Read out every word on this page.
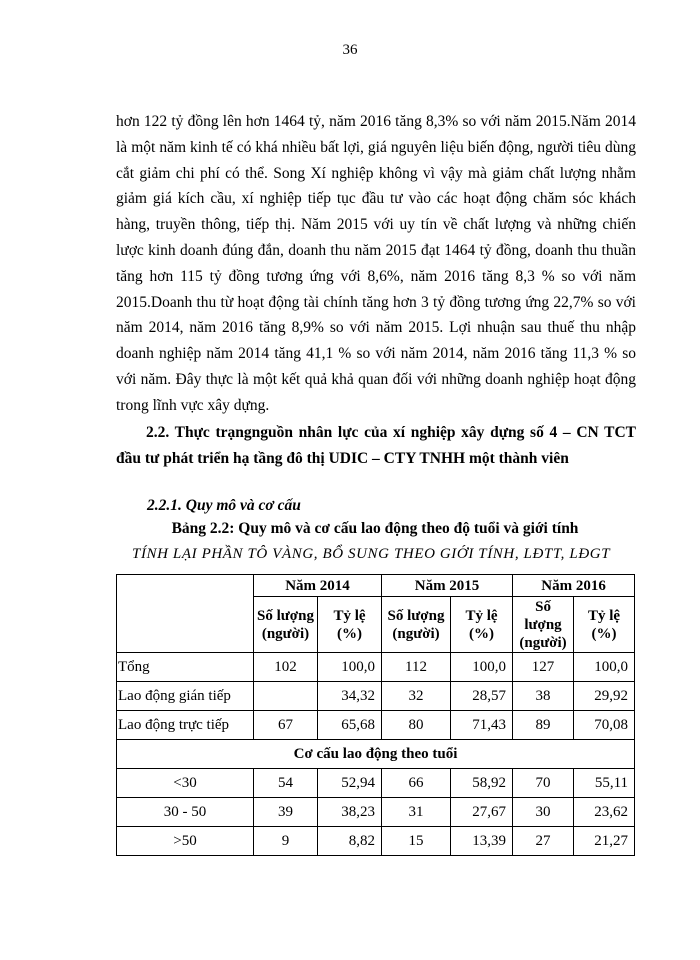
36

hơn 122 tỷ đồng lên hơn 1464 tỷ, năm 2016 tăng 8,3% so với năm 2015.Năm 2014 là một năm kinh tế có khá nhiều bất lợi, giá nguyên liệu biến động, người tiêu dùng cắt giảm chi phí có thể. Song Xí nghiệp không vì vậy mà giảm chất lượng nhằm giảm giá kích cầu, xí nghiệp tiếp tục đầu tư vào các hoạt động chăm sóc khách hàng, truyền thông, tiếp thị. Năm 2015 với uy tín về chất lượng và những chiến lược kinh doanh đúng đắn, doanh thu năm 2015 đạt 1464 tỷ đồng, doanh thu thuần tăng hơn 115 tỷ đồng tương ứng với 8,6%, năm 2016 tăng 8,3 % so với năm 2015.Doanh thu từ hoạt động tài chính tăng hơn 3 tỷ đồng tương ứng 22,7% so với năm 2014, năm 2016 tăng 8,9% so với năm 2015. Lợi nhuận sau thuế thu nhập doanh nghiệp năm 2014 tăng 41,1 % so với năm 2014, năm 2016 tăng 11,3 % so với năm. Đây thực là một kết quả khả quan đối với những doanh nghiệp hoạt động trong lĩnh vực xây dựng.

2.2. Thực trạngnguồn nhân lực của xí nghiệp xây dựng số 4 – CN TCT đầu tư phát triển hạ tầng đô thị UDIC – CTY TNHH một thành viên
2.2.1. Quy mô và cơ cấu
Bảng 2.2: Quy mô và cơ cấu lao động theo độ tuổi và giới tính
TÍNH LẠI PHẦN TÔ VÀNG, BỔ SUNG THEO GIỚI TÍNH, LĐTT, LĐGT
	Năm 2014		Năm 2015		Năm 2016	
	Số lượng (người)	Tỷ lệ (%)	Số lượng (người)	Tỷ lệ (%)	Số lượng (người)	Tỷ lệ (%)
Tổng	102	100,0	112	100,0	127	100,0
Lao động gián tiếp		34,32	32	28,57	38	29,92
Lao động trực tiếp	67	65,68	80	71,43	89	70,08
Cơ cấu lao động theo tuổi						
<30	54	52,94	66	58,92	70	55,11
30 - 50	39	38,23	31	27,67	30	23,62
>50	9	8,82	15	13,39	27	21,27
